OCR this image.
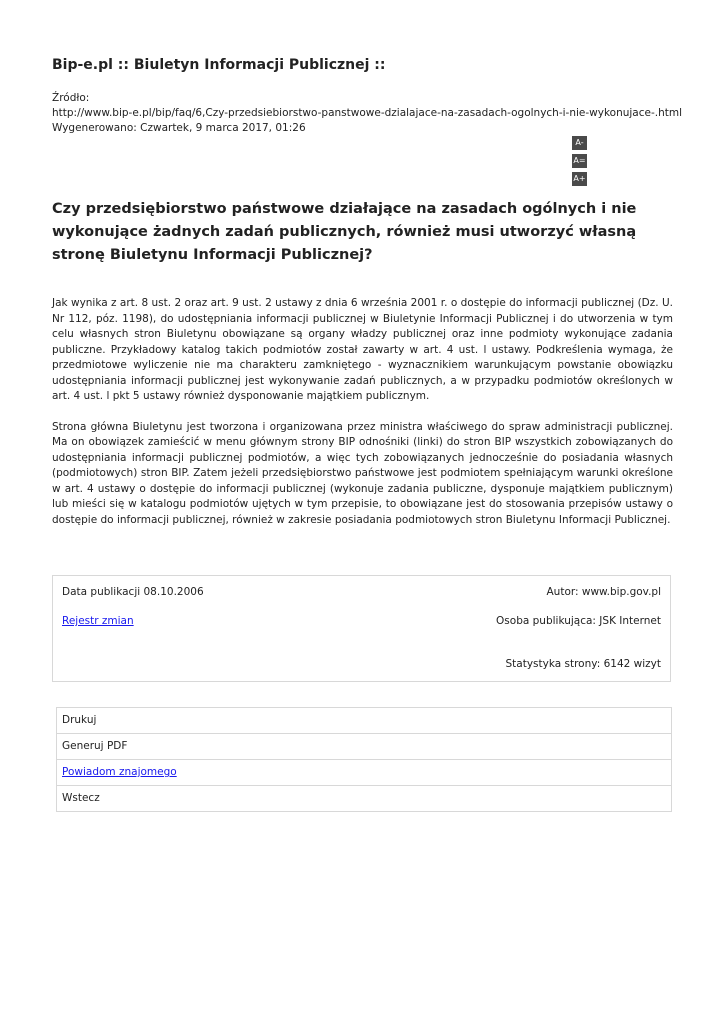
Bip-e.pl :: Biuletyn Informacji Publicznej ::
Źródło:
http://www.bip-e.pl/bip/faq/6,Czy-przedsiebiorstwo-panstwowe-dzialajace-na-zasadach-ogolnych-i-nie-wykonujace-.html
Wygenerowano: Czwartek, 9 marca 2017, 01:26
A-
A=
A+
Czy przedsiębiorstwo państwowe działające na zasadach ogólnych i nie wykonujące żadnych zadań publicznych, również musi utworzyć własną stronę Biuletynu Informacji Publicznej?

Jak wynika z art. 8 ust. 2 oraz art. 9 ust. 2 ustawy z dnia 6 września 2001 r. o dostępie do informacji publicznej (Dz. U. Nr 112, póz. 1198), do udostępniania informacji publicznej w Biuletynie Informacji Publicznej i do utworzenia w tym celu własnych stron Biuletynu obowiązane są organy władzy publicznej oraz inne podmioty wykonujące zadania publiczne. Przykładowy katalog takich podmiotów został zawarty w art. 4 ust. l ustawy. Podkreślenia wymaga, że przedmiotowe wyliczenie nie ma charakteru zamkniętego - wyznacznikiem warunkującym powstanie obowiązku udostępniania informacji publicznej jest wykonywanie zadań publicznych, a w przypadku podmiotów określonych w art. 4 ust. l pkt 5 ustawy również dysponowanie majątkiem publicznym.

Strona główna Biuletynu jest tworzona i organizowana przez ministra właściwego do spraw administracji publicznej. Ma on obowiązek zamieścić w menu głównym strony BIP odnośniki (linki) do stron BIP wszystkich zobowiązanych do udostępniania informacji publicznej podmiotów, a więc tych zobowiązanych jednocześnie do posiadania własnych (podmiotowych) stron BIP. Zatem jeżeli przedsiębiorstwo państwowe jest podmiotem spełniającym warunki określone w art. 4 ustawy o dostępie do informacji publicznej (wykonuje zadania publiczne, dysponuje majątkiem publicznym) lub mieści się w katalogu podmiotów ujętych w tym przepisie, to obowiązane jest do stosowania przepisów ustawy o dostępie do informacji publicznej, również w zakresie posiadania podmiotowych stron Biuletynu Informacji Publicznej.

Data publikacji 08.10.2006	Autor: www.bip.gov.pl
Rejestr zmian	Osoba publikująca: JSK Internet
Statystyka strony: 6142 wizyt
Drukuj
Generuj PDF
Powiadom znajomego
Wstecz
